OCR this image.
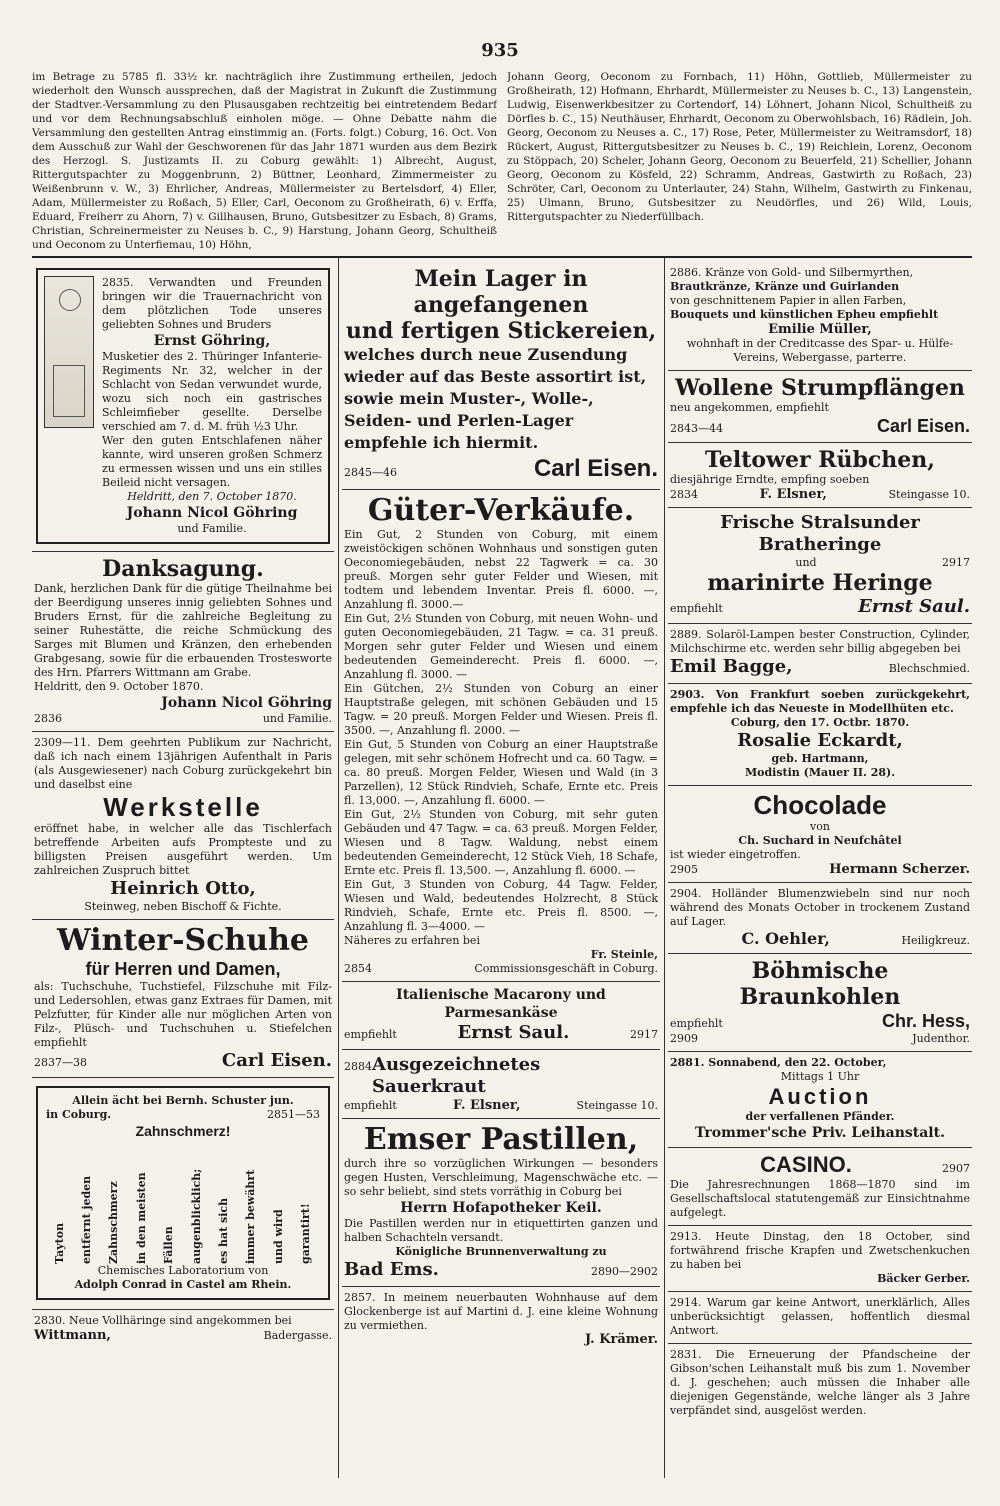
935

im Betrage zu 5785 fl. 33½ kr. nachträglich ihre Zustimmung ertheilen, jedoch wiederholt den Wunsch aussprechen, daß der Magistrat in Zukunft die Zustimmung der Stadtver.-Versammlung zu den Plusausgaben rechtzeitig bei eintretendem Bedarf und vor dem Rechnungsabschluß einholen möge. — Ohne Debatte nahm die Versammlung den gestellten Antrag einstimmig an. (Forts. folgt.) Coburg, 16. Oct. Von dem Ausschuß zur Wahl der Geschworenen für das Jahr 1871 wurden aus dem Bezirk des Herzogl. S. Justizamts II. zu Coburg gewählt: 1) Albrecht, August, Rittergutspachter zu Moggenbrunn, 2) Büttner, Leonhard, Zimmermeister zu Weißenbrunn v. W., 3) Ehrlicher, Andreas, Müllermeister zu Bertelsdorf, 4) Eller, Adam, Müllermeister zu Roßach, 5) Eller, Carl, Oeconom zu Großheirath, 6) v. Erffa, Eduard, Freiherr zu Ahorn, 7) v. Gillhausen, Bruno, Gutsbesitzer zu Esbach, 8) Grams, Christian, Schreinermeister zu Neuses b. C., 9) Harstung, Johann Georg, Schultheiß und Oeconom zu Unterfiemau, 10) Höhn,

Johann Georg, Oeconom zu Fornbach, 11) Höhn, Gottlieb, Müllermeister zu Großheirath, 12) Hofmann, Ehrhardt, Müllermeister zu Neuses b. C., 13) Langenstein, Ludwig, Eisenwerkbesitzer zu Cortendorf, 14) Löhnert, Johann Nicol, Schultheiß zu Dörfles b. C., 15) Neuthäuser, Ehrhardt, Oeconom zu Oberwohlsbach, 16) Rädlein, Joh. Georg, Oeconom zu Neuses a. C., 17) Rose, Peter, Müllermeister zu Weitramsdorf, 18) Rückert, August, Rittergutsbesitzer zu Neuses b. C., 19) Reichlein, Lorenz, Oeconom zu Stöppach, 20) Scheler, Johann Georg, Oeconom zu Beuerfeld, 21) Schellier, Johann Georg, Oeconom zu Kösfeld, 22) Schramm, Andreas, Gastwirth zu Roßach, 23) Schröter, Carl, Oeconom zu Unterlauter, 24) Stahn, Wilhelm, Gastwirth zu Finkenau, 25) Ulmann, Bruno, Gutsbesitzer zu Neudörfles, und 26) Wild, Louis, Rittergutspachter zu Niederfüllbach.

2835. Verwandten und Freunden bringen wir die Trauernachricht von dem plötzlichen Tode unseres geliebten Sohnes und Bruders

Ernst Göhring,

Musketier des 2. Thüringer Infanterie-Regiments Nr. 32, welcher in der Schlacht von Sedan verwundet wurde, wozu sich noch ein gastrisches Schleimfieber gesellte. Derselbe verschied am 7. d. M. früh ½3 Uhr.

Wer den guten Entschlafenen näher kannte, wird unseren großen Schmerz zu ermessen wissen und uns ein stilles Beileid nicht versagen.

Heldritt, den 7. October 1870.

Johann Nicol Göhring

und Familie.

Danksagung.

Dank, herzlichen Dank für die gütige Theilnahme bei der Beerdigung unseres innig geliebten Sohnes und Bruders Ernst, für die zahlreiche Begleitung zu seiner Ruhestätte, die reiche Schmückung des Sarges mit Blumen und Kränzen, den erhebenden Grabgesang, sowie für die erbauenden Trostesworte des Hrn. Pfarrers Wittmann am Grabe.

Heldritt, den 9. October 1870.

Johann Nicol Göhring

2836	und Familie.

2309—11. Dem geehrten Publikum zur Nachricht, daß ich nach einem 13jährigen Aufenthalt in Paris (als Ausgewiesener) nach Coburg zurückgekehrt bin und daselbst eine

Werkstelle

eröffnet habe, in welcher alle das Tischlerfach betreffende Arbeiten aufs Prompteste und zu billigsten Preisen ausgeführt werden. Um zahlreichen Zuspruch bittet

Heinrich Otto,

Steinweg, neben Bischoff & Fichte.

Winter-Schuhe

für Herren und Damen,

als: Tuchschuhe, Tuchstiefel, Filzschuhe mit Filz- und Ledersohlen, etwas ganz Extraes für Damen, mit Pelzfutter, für Kinder alle nur möglichen Arten von Filz-, Plüsch- und Tuchschuhen u. Stiefelchen empfiehlt

2837—38	Carl Eisen.

Allein ächt bei Bernh. Schuster jun.

in Coburg.	2851—53

Zahnschmerz!

Tayton entfernt jeden Zahnschmerz in den meisten Fällen augenblicklich; es hat sich immer bewährt und wird garantirt!

Chemisches Laboratorium von

Adolph Conrad in Castel am Rhein.

2830. Neue Vollhäringe sind angekommen bei

Wittmann,	Badergasse.

Mein Lager in angefangenen

und fertigen Stickereien,

welches durch neue Zusendung wieder auf das Beste assortirt ist, sowie mein Muster-, Wolle-, Seiden- und Perlen-Lager

empfehle ich hiermit.

2845—46	Carl Eisen.

Güter-Verkäufe.

Ein Gut, 2 Stunden von Coburg, mit einem zweistöckigen schönen Wohnhaus und sonstigen guten Oeconomiegebäuden, nebst 22 Tagwerk = ca. 30 preuß. Morgen sehr guter Felder und Wiesen, mit todtem und lebendem Inventar. Preis fl. 6000. —, Anzahlung fl. 3000.—

Ein Gut, 2½ Stunden von Coburg, mit neuen Wohn- und guten Oeconomiegebäuden, 21 Tagw. = ca. 31 preuß. Morgen sehr guter Felder und Wiesen und einem bedeutenden Gemeinderecht. Preis fl. 6000. —, Anzahlung fl. 3000. —

Ein Gütchen, 2½ Stunden von Coburg an einer Hauptstraße gelegen, mit schönen Gebäuden und 15 Tagw. = 20 preuß. Morgen Felder und Wiesen. Preis fl. 3500. —, Anzahlung fl. 2000. —

Ein Gut, 5 Stunden von Coburg an einer Hauptstraße gelegen, mit sehr schönem Hofrecht und ca. 60 Tagw. = ca. 80 preuß. Morgen Felder, Wiesen und Wald (in 3 Parzellen), 12 Stück Rindvieh, Schafe, Ernte etc. Preis fl. 13,000. —, Anzahlung fl. 6000. —

Ein Gut, 2½ Stunden von Coburg, mit sehr guten Gebäuden und 47 Tagw. = ca. 63 preuß. Morgen Felder, Wiesen und 8 Tagw. Waldung, nebst einem bedeutenden Gemeinderecht, 12 Stück Vieh, 18 Schafe, Ernte etc. Preis fl. 13,500. —, Anzahlung fl. 6000. —

Ein Gut, 3 Stunden von Coburg, 44 Tagw. Felder, Wiesen und Wald, bedeutendes Holzrecht, 8 Stück Rindvieh, Schafe, Ernte etc. Preis fl. 8500. —, Anzahlung fl. 3—4000. —

Näheres zu erfahren bei

Fr. Steinle,

2854	Commissionsgeschäft in Coburg.

Italienische Macarony und

Parmesankäse

empfiehlt	Ernst Saul.	2917
2884 Ausgezeichnetes Sauerkraut
empfiehlt	F. Elsner,	Steingasse 10.

Emser Pastillen,

durch ihre so vorzüglichen Wirkungen — besonders gegen Husten, Verschleimung, Magenschwäche etc. — so sehr beliebt, sind stets vorräthig in Coburg bei

Herrn Hofapotheker Keil.

Die Pastillen werden nur in etiquettirten ganzen und halben Schachteln versandt.

Königliche Brunnenverwaltung zu

Bad Ems.	2890—2902

2857. In meinem neuerbauten Wohnhause auf dem Glockenberge ist auf Martini d. J. eine kleine Wohnung zu vermiethen.

J. Krämer.

2886. Kränze von Gold- und Silbermyrthen,

Brautkränze, Kränze und Guirlanden

von geschnittenem Papier in allen Farben,

Bouquets und künstlichen Epheu empfiehlt

Emilie Müller,

wohnhaft in der Creditcasse des Spar- u. Hülfe-Vereins, Webergasse, parterre.

Wollene Strumpflängen

neu angekommen, empfiehlt

2843—44	Carl Eisen.

Teltower Rübchen,

diesjährige Erndte, empfing soeben

2834	F. Elsner,	Steingasse 10.

Frische Stralsunder Bratheringe

und	2917

marinirte Heringe

empfiehlt	Ernst Saul.

2889. Solaröl-Lampen bester Construction, Cylinder, Milchschirme etc. werden sehr billig abgegeben bei

Emil Bagge,	Blechschmied.

2903. Von Frankfurt soeben zurückgekehrt, empfehle ich das Neueste in Modellhüten etc.

Coburg, den 17. Octbr. 1870.

Rosalie Eckardt,

geb. Hartmann,

Modistin (Mauer II. 28).

Chocolade

von

Ch. Suchard in Neufchâtel

ist wieder eingetroffen.

2905	Hermann Scherzer.

2904. Holländer Blumenzwiebeln sind nur noch während des Monats October in trockenem Zustand auf Lager.

C. Oehler,	Heiligkreuz.

Böhmische Braunkohlen

empfiehlt	Chr. Hess,
2909	Judenthor.

2881. Sonnabend, den 22. October,

Mittags 1 Uhr

Auction

der verfallenen Pfänder.

Trommer'sche Priv. Leihanstalt.

CASINO.	2907

Die Jahresrechnungen 1868—1870 sind im Gesellschaftslocal statutengemäß zur Einsichtnahme aufgelegt.

2913. Heute Dinstag, den 18 October, sind fortwährend frische Krapfen und Zwetschenkuchen zu haben bei

Bäcker Gerber.

2914. Warum gar keine Antwort, unerklärlich, Alles unberücksichtigt gelassen, hoffentlich diesmal Antwort.

2831. Die Erneuerung der Pfandscheine der Gibson'schen Leihanstalt muß bis zum 1. November d. J. geschehen; auch müssen die Inhaber alle diejenigen Gegenstände, welche länger als 3 Jahre verpfändet sind, ausgelöst werden.
